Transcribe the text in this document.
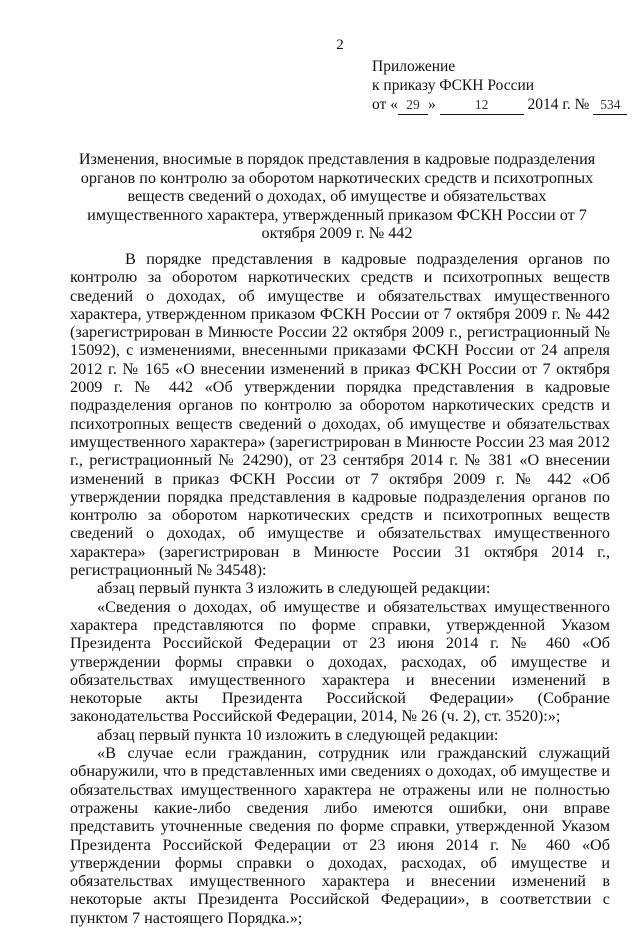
2
Приложение
к приказу ФСКН России
от « 29 »	12	2014 г. № 534
Изменения, вносимые в порядок представления в кадровые подразделения органов по контролю за оборотом наркотических средств и психотропных веществ сведений о доходах, об имуществе и обязательствах имущественного характера, утвержденный приказом ФСКН России от 7 октября 2009 г. № 442

В порядке представления в кадровые подразделения органов по контролю за оборотом наркотических средств и психотропных веществ сведений о доходах, об имуществе и обязательствах имущественного характера, утвержденном приказом ФСКН России от 7 октября 2009 г. № 442 (зарегистрирован в Минюсте России 22 октября 2009 г., регистрационный № 15092), с изменениями, внесенными приказами ФСКН России от 24 апреля 2012 г. № 165 «О внесении изменений в приказ ФСКН России от 7 октября 2009 г. № 442 «Об утверждении порядка представления в кадровые подразделения органов по контролю за оборотом наркотических средств и психотропных веществ сведений о доходах, об имуществе и обязательствах имущественного характера» (зарегистрирован в Минюсте России 23 мая 2012 г., регистрационный № 24290), от 23 сентября 2014 г. № 381 «О внесении изменений в приказ ФСКН России от 7 октября 2009 г. № 442 «Об утверждении порядка представления в кадровые подразделения органов по контролю за оборотом наркотических средств и психотропных веществ сведений о доходах, об имуществе и обязательствах имущественного характера» (зарегистрирован в Минюсте России 31 октября 2014 г., регистрационный № 34548):

абзац первый пункта 3 изложить в следующей редакции:

«Сведения о доходах, об имуществе и обязательствах имущественного характера представляются по форме справки, утвержденной Указом Президента Российской Федерации от 23 июня 2014 г. № 460 «Об утверждении формы справки о доходах, расходах, об имуществе и обязательствах имущественного характера и внесении изменений в некоторые акты Президента Российской Федерации» (Собрание законодательства Российской Федерации, 2014, № 26 (ч. 2), ст. 3520):»;

абзац первый пункта 10 изложить в следующей редакции:

«В случае если гражданин, сотрудник или гражданский служащий обнаружили, что в представленных ими сведениях о доходах, об имуществе и обязательствах имущественного характера не отражены или не полностью отражены какие-либо сведения либо имеются ошибки, они вправе представить уточненные сведения по форме справки, утвержденной Указом Президента Российской Федерации от 23 июня 2014 г. № 460 «Об утверждении формы справки о доходах, расходах, об имуществе и обязательствах имущественного характера и внесении изменений в некоторые акты Президента Российской Федерации», в соответствии с пунктом 7 настоящего Порядка.»;
